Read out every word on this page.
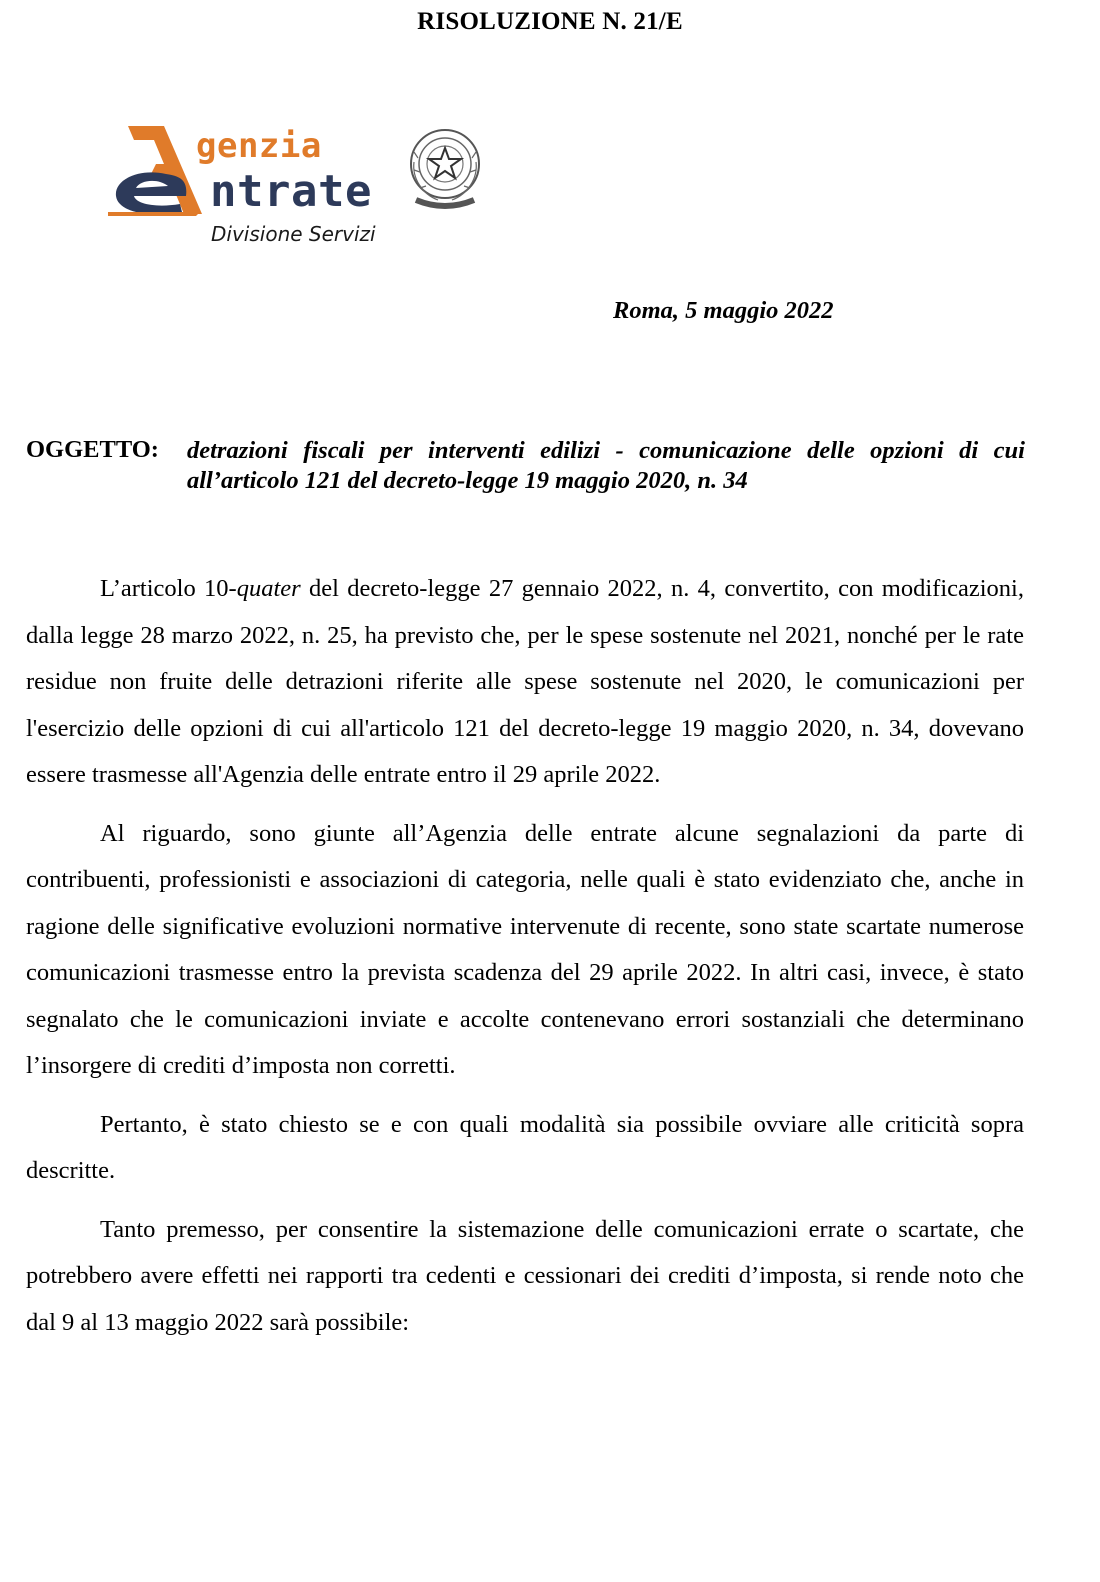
RISOLUZIONE N. 21/E
genzia
ntrate
Divisione Servizi

Roma, 5 maggio 2022

OGGETTO: detrazioni fiscali per interventi edilizi - comunicazione delle opzioni di cui all’articolo 121 del decreto-legge 19 maggio 2020, n. 34

L’articolo 10-quater del decreto-legge 27 gennaio 2022, n. 4, convertito, con modificazioni, dalla legge 28 marzo 2022, n. 25, ha previsto che, per le spese sostenute nel 2021, nonché per le rate residue non fruite delle detrazioni riferite alle spese sostenute nel 2020, le comunicazioni per l'esercizio delle opzioni di cui all'articolo 121 del decreto-legge 19 maggio 2020, n. 34, dovevano essere trasmesse all'Agenzia delle entrate entro il 29 aprile 2022.

Al riguardo, sono giunte all’Agenzia delle entrate alcune segnalazioni da parte di contribuenti, professionisti e associazioni di categoria, nelle quali è stato evidenziato che, anche in ragione delle significative evoluzioni normative intervenute di recente, sono state scartate numerose comunicazioni trasmesse entro la prevista scadenza del 29 aprile 2022. In altri casi, invece, è stato segnalato che le comunicazioni inviate e accolte contenevano errori sostanziali che determinano l’insorgere di crediti d’imposta non corretti.

Pertanto, è stato chiesto se e con quali modalità sia possibile ovviare alle criticità sopra descritte.

Tanto premesso, per consentire la sistemazione delle comunicazioni errate o scartate, che potrebbero avere effetti nei rapporti tra cedenti e cessionari dei crediti d’imposta, si rende noto che dal 9 al 13 maggio 2022 sarà possibile:
